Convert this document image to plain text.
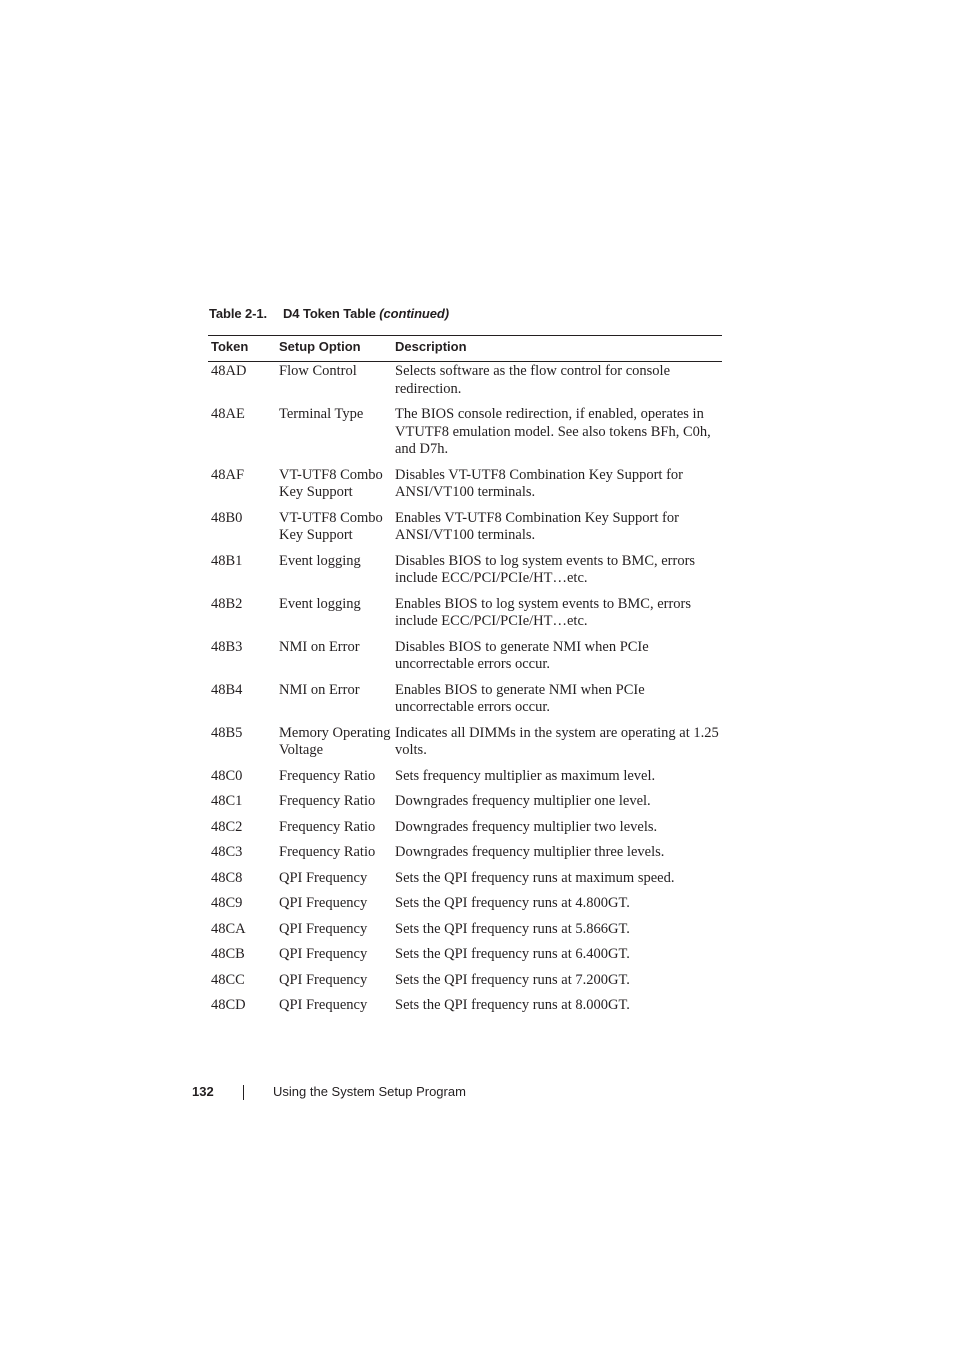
Table 2-1. D4 Token Table (continued)
Token	Setup Option	Description
48AD	Flow Control	Selects software as the flow control for console redirection.
48AE	Terminal Type	The BIOS console redirection, if enabled, operates in VTUTF8 emulation model. See also tokens BFh, C0h, and D7h.
48AF	VT-UTF8 Combo Key Support	Disables VT-UTF8 Combination Key Support for ANSI/VT100 terminals.
48B0	VT-UTF8 Combo Key Support	Enables VT-UTF8 Combination Key Support for ANSI/VT100 terminals.
48B1	Event logging	Disables BIOS to log system events to BMC, errors include ECC/PCI/PCIe/HT…etc.
48B2	Event logging	Enables BIOS to log system events to BMC, errors include ECC/PCI/PCIe/HT…etc.
48B3	NMI on Error	Disables BIOS to generate NMI when PCIe uncorrectable errors occur.
48B4	NMI on Error	Enables BIOS to generate NMI when PCIe uncorrectable errors occur.
48B5	Memory Operating Voltage	Indicates all DIMMs in the system are operating at 1.25 volts.
48C0	Frequency Ratio	Sets frequency multiplier as maximum level.
48C1	Frequency Ratio	Downgrades frequency multiplier one level.
48C2	Frequency Ratio	Downgrades frequency multiplier two levels.
48C3	Frequency Ratio	Downgrades frequency multiplier three levels.
48C8	QPI Frequency	Sets the QPI frequency runs at maximum speed.
48C9	QPI Frequency	Sets the QPI frequency runs at 4.800GT.
48CA	QPI Frequency	Sets the QPI frequency runs at 5.866GT.
48CB	QPI Frequency	Sets the QPI frequency runs at 6.400GT.
48CC	QPI Frequency	Sets the QPI frequency runs at 7.200GT.
48CD	QPI Frequency	Sets the QPI frequency runs at 8.000GT.
132	Using the System Setup Program
